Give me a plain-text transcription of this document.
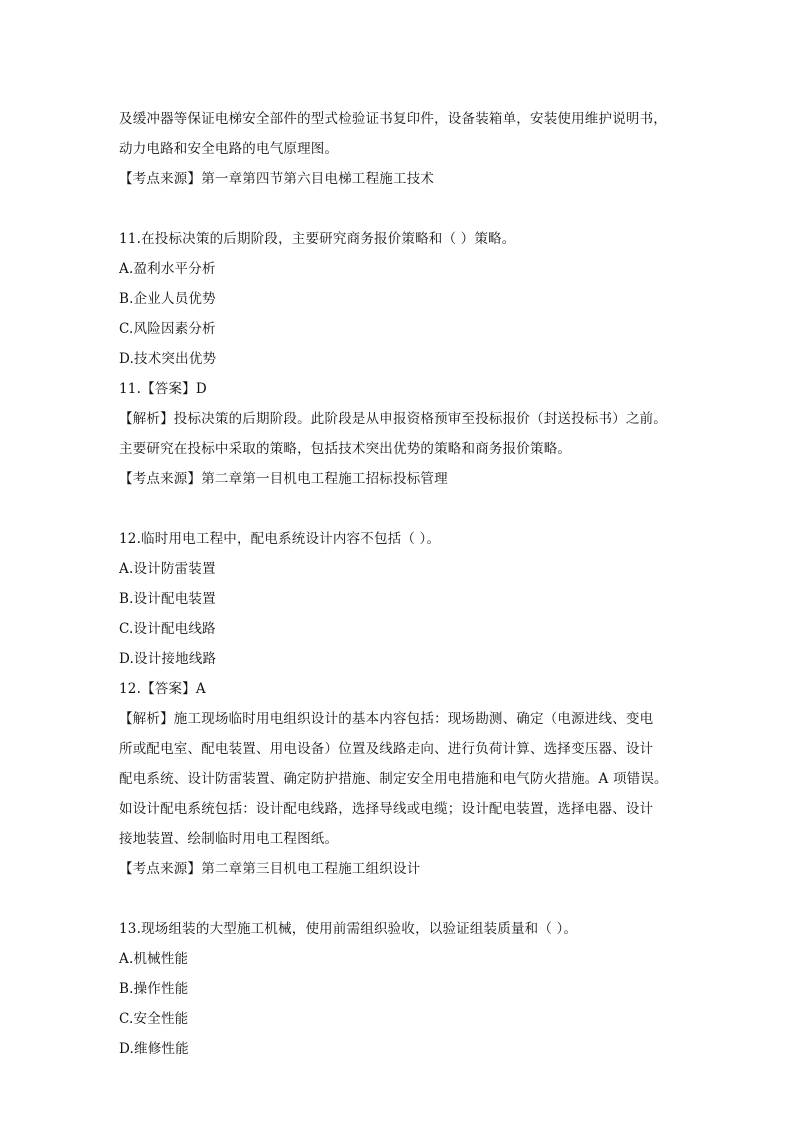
及缓冲器等保证电梯安全部件的型式检验证书复印件，设备装箱单，安装使用维护说明书，
动力电路和安全电路的电气原理图。
【考点来源】第一章第四节第六目电梯工程施工技术
11.在投标决策的后期阶段，主要研究商务报价策略和（ ）策略。
A.盈利水平分析
B.企业人员优势
C.风险因素分析
D.技术突出优势
11.【答案】D
【解析】投标决策的后期阶段。此阶段是从申报资格预审至投标报价（封送投标书）之前。
主要研究在投标中采取的策略，包括技术突出优势的策略和商务报价策略。
【考点来源】第二章第一目机电工程施工招标投标管理
12.临时用电工程中，配电系统设计内容不包括（ ）。
A.设计防雷装置
B.设计配电装置
C.设计配电线路
D.设计接地线路
12.【答案】A
【解析】施工现场临时用电组织设计的基本内容包括：现场勘测、确定（电源进线、变电
所或配电室、配电装置、用电设备）位置及线路走向、进行负荷计算、选择变压器、设计
配电系统、设计防雷装置、确定防护措施、制定安全用电措施和电气防火措施。A 项错误。
如设计配电系统包括：设计配电线路，选择导线或电缆；设计配电装置，选择电器、设计
接地装置、绘制临时用电工程图纸。
【考点来源】第二章第三目机电工程施工组织设计
13.现场组装的大型施工机械，使用前需组织验收，以验证组装质量和（ ）。
A.机械性能
B.操作性能
C.安全性能
D.维修性能
